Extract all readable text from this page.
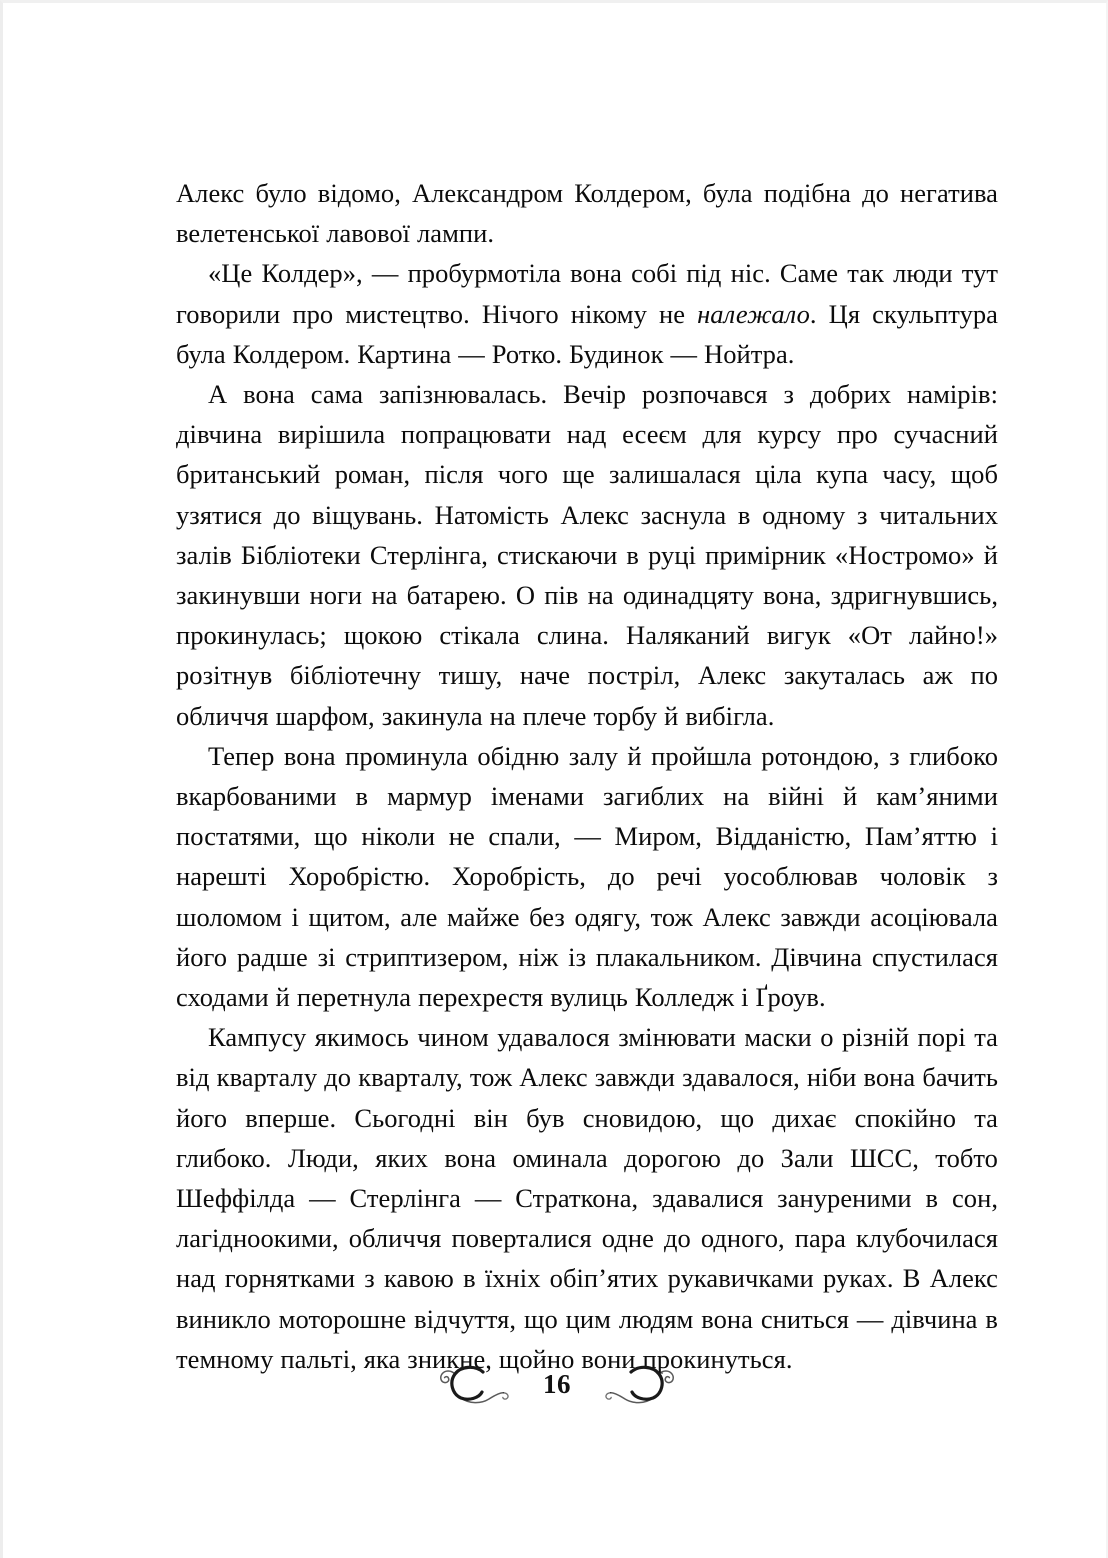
Алекс було відомо, Александром Колдером, була подібна до негатива велетенської лавової лампи.

«Це Колдер», — пробурмотіла вона собі під ніс. Саме так люди тут говорили про мистецтво. Нічого нікому не належало. Ця скульптура була Колдером. Картина — Ротко. Будинок — Нойтра.

А вона сама запізнювалась. Вечір розпочався з добрих намірів: дівчина вирішила попрацювати над есеєм для курсу про сучасний британський роман, після чого ще залишалася ціла купа часу, щоб узятися до віщувань. Натомість Алекс заснула в одному з читальних залів Бібліотеки Стерлінга, стискаючи в руці примірник «Ностромо» й закинувши ноги на батарею. О пів на одинадцяту вона, здригнувшись, прокинулась; щокою стікала слина. Наляканий вигук «От лайно!» розітнув бібліотечну тишу, наче постріл, Алекс закуталась аж по обличчя шарфом, закинула на плече торбу й вибігла.

Тепер вона проминула обідню залу й пройшла ротондою, з глибоко вкарбованими в мармур іменами загиблих на війні й кам’яними постатями, що ніколи не спали, — Миром, Відданістю, Пам’яттю і нарешті Хоробрістю. Хоробрість, до речі уособлював чоловік з шоломом і щитом, але майже без одягу, тож Алекс завжди асоціювала його радше зі стриптизером, ніж із плакальником. Дівчина спустилася сходами й перетнула перехрестя вулиць Колледж і Ґроув.

Кампусу якимось чином удавалося змінювати маски о різній порі та від кварталу до кварталу, тож Алекс завжди здавалося, ніби вона бачить його вперше. Сьогодні він був сновидою, що дихає спокійно та глибоко. Люди, яких вона оминала дорогою до Зали ШСС, тобто Шеффілда — Стерлінга — Страткона, здавалися зануреними в сон, лагідноокими, обличчя поверталися одне до одного, пара клубочилася над горнятками з кавою в їхніх обіп’ятих рукавичками руках. В Алекс виникло моторошне відчуття, що цим людям вона сниться — дівчина в темному пальті, яка зникне, щойно вони прокинуться.

16
